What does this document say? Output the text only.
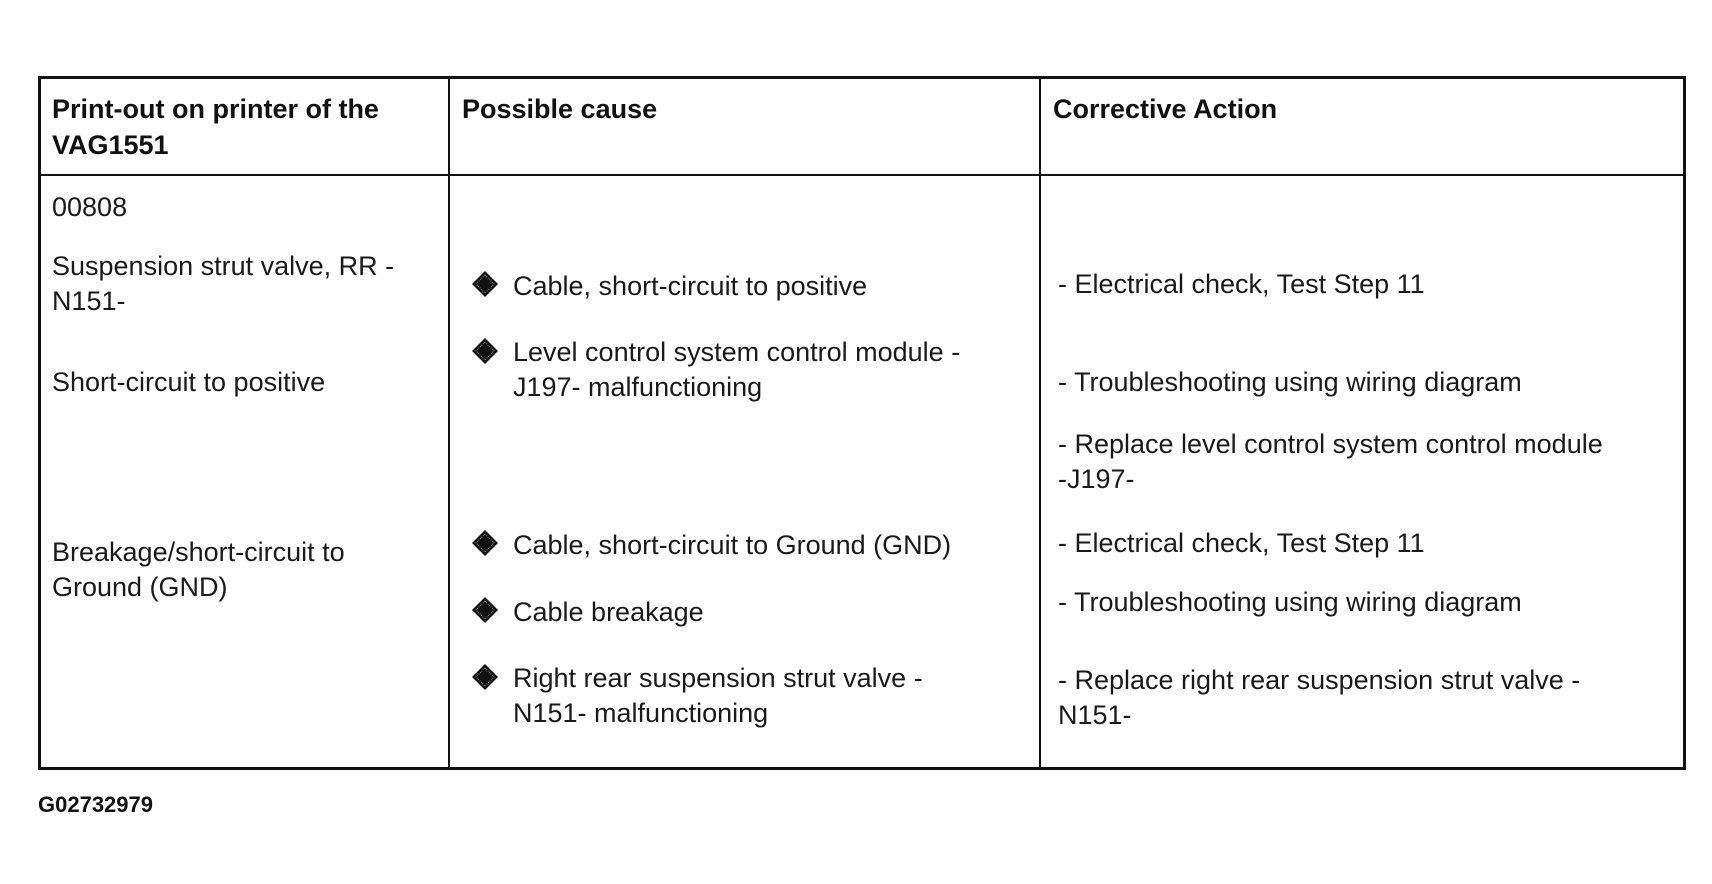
Print-out on printer of the VAG1551
Possible cause	Corrective Action
00808
Suspension strut valve, RR -
N151-
Short-circuit to positive
Breakage/short-circuit to
Ground (GND)
Cable, short-circuit to positive
Level control system control module -
J197- malfunctioning
Cable, short-circuit to Ground (GND)
Cable breakage
Right rear suspension strut valve -
N151- malfunctioning
- Electrical check, Test Step 11
- Troubleshooting using wiring diagram
- Replace level control system control module
-J197-
- Electrical check, Test Step 11
- Troubleshooting using wiring diagram
- Replace right rear suspension strut valve -
N151-
G02732979
